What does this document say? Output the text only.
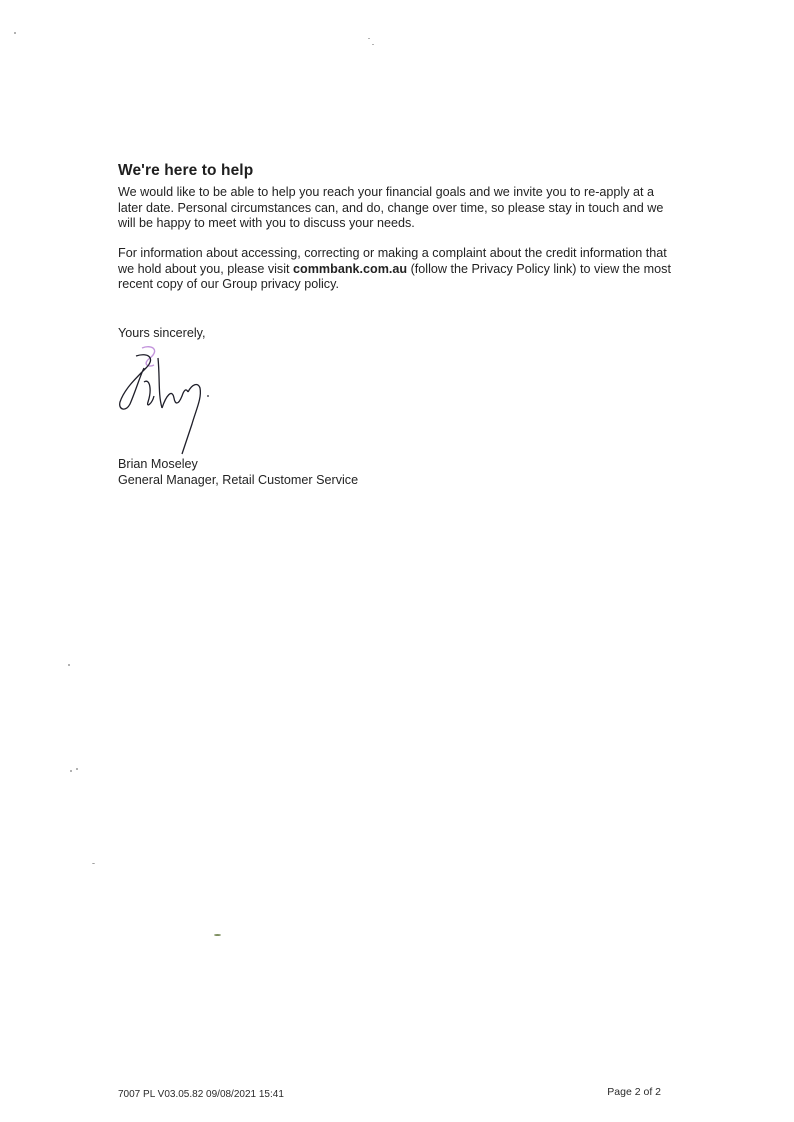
We're here to help
We would like to be able to help you reach your financial goals and we invite you to re-apply at a later date. Personal circumstances can, and do, change over time, so please stay in touch and we will be happy to meet with you to discuss your needs.
For information about accessing, correcting or making a complaint about the credit information that we hold about you, please visit commbank.com.au (follow the Privacy Policy link) to view the most recent copy of our Group privacy policy.
Yours sincerely,
Brian Moseley
General Manager, Retail Customer Service
7007 PL V03.05.82 09/08/2021 15:41	Page 2 of 2
